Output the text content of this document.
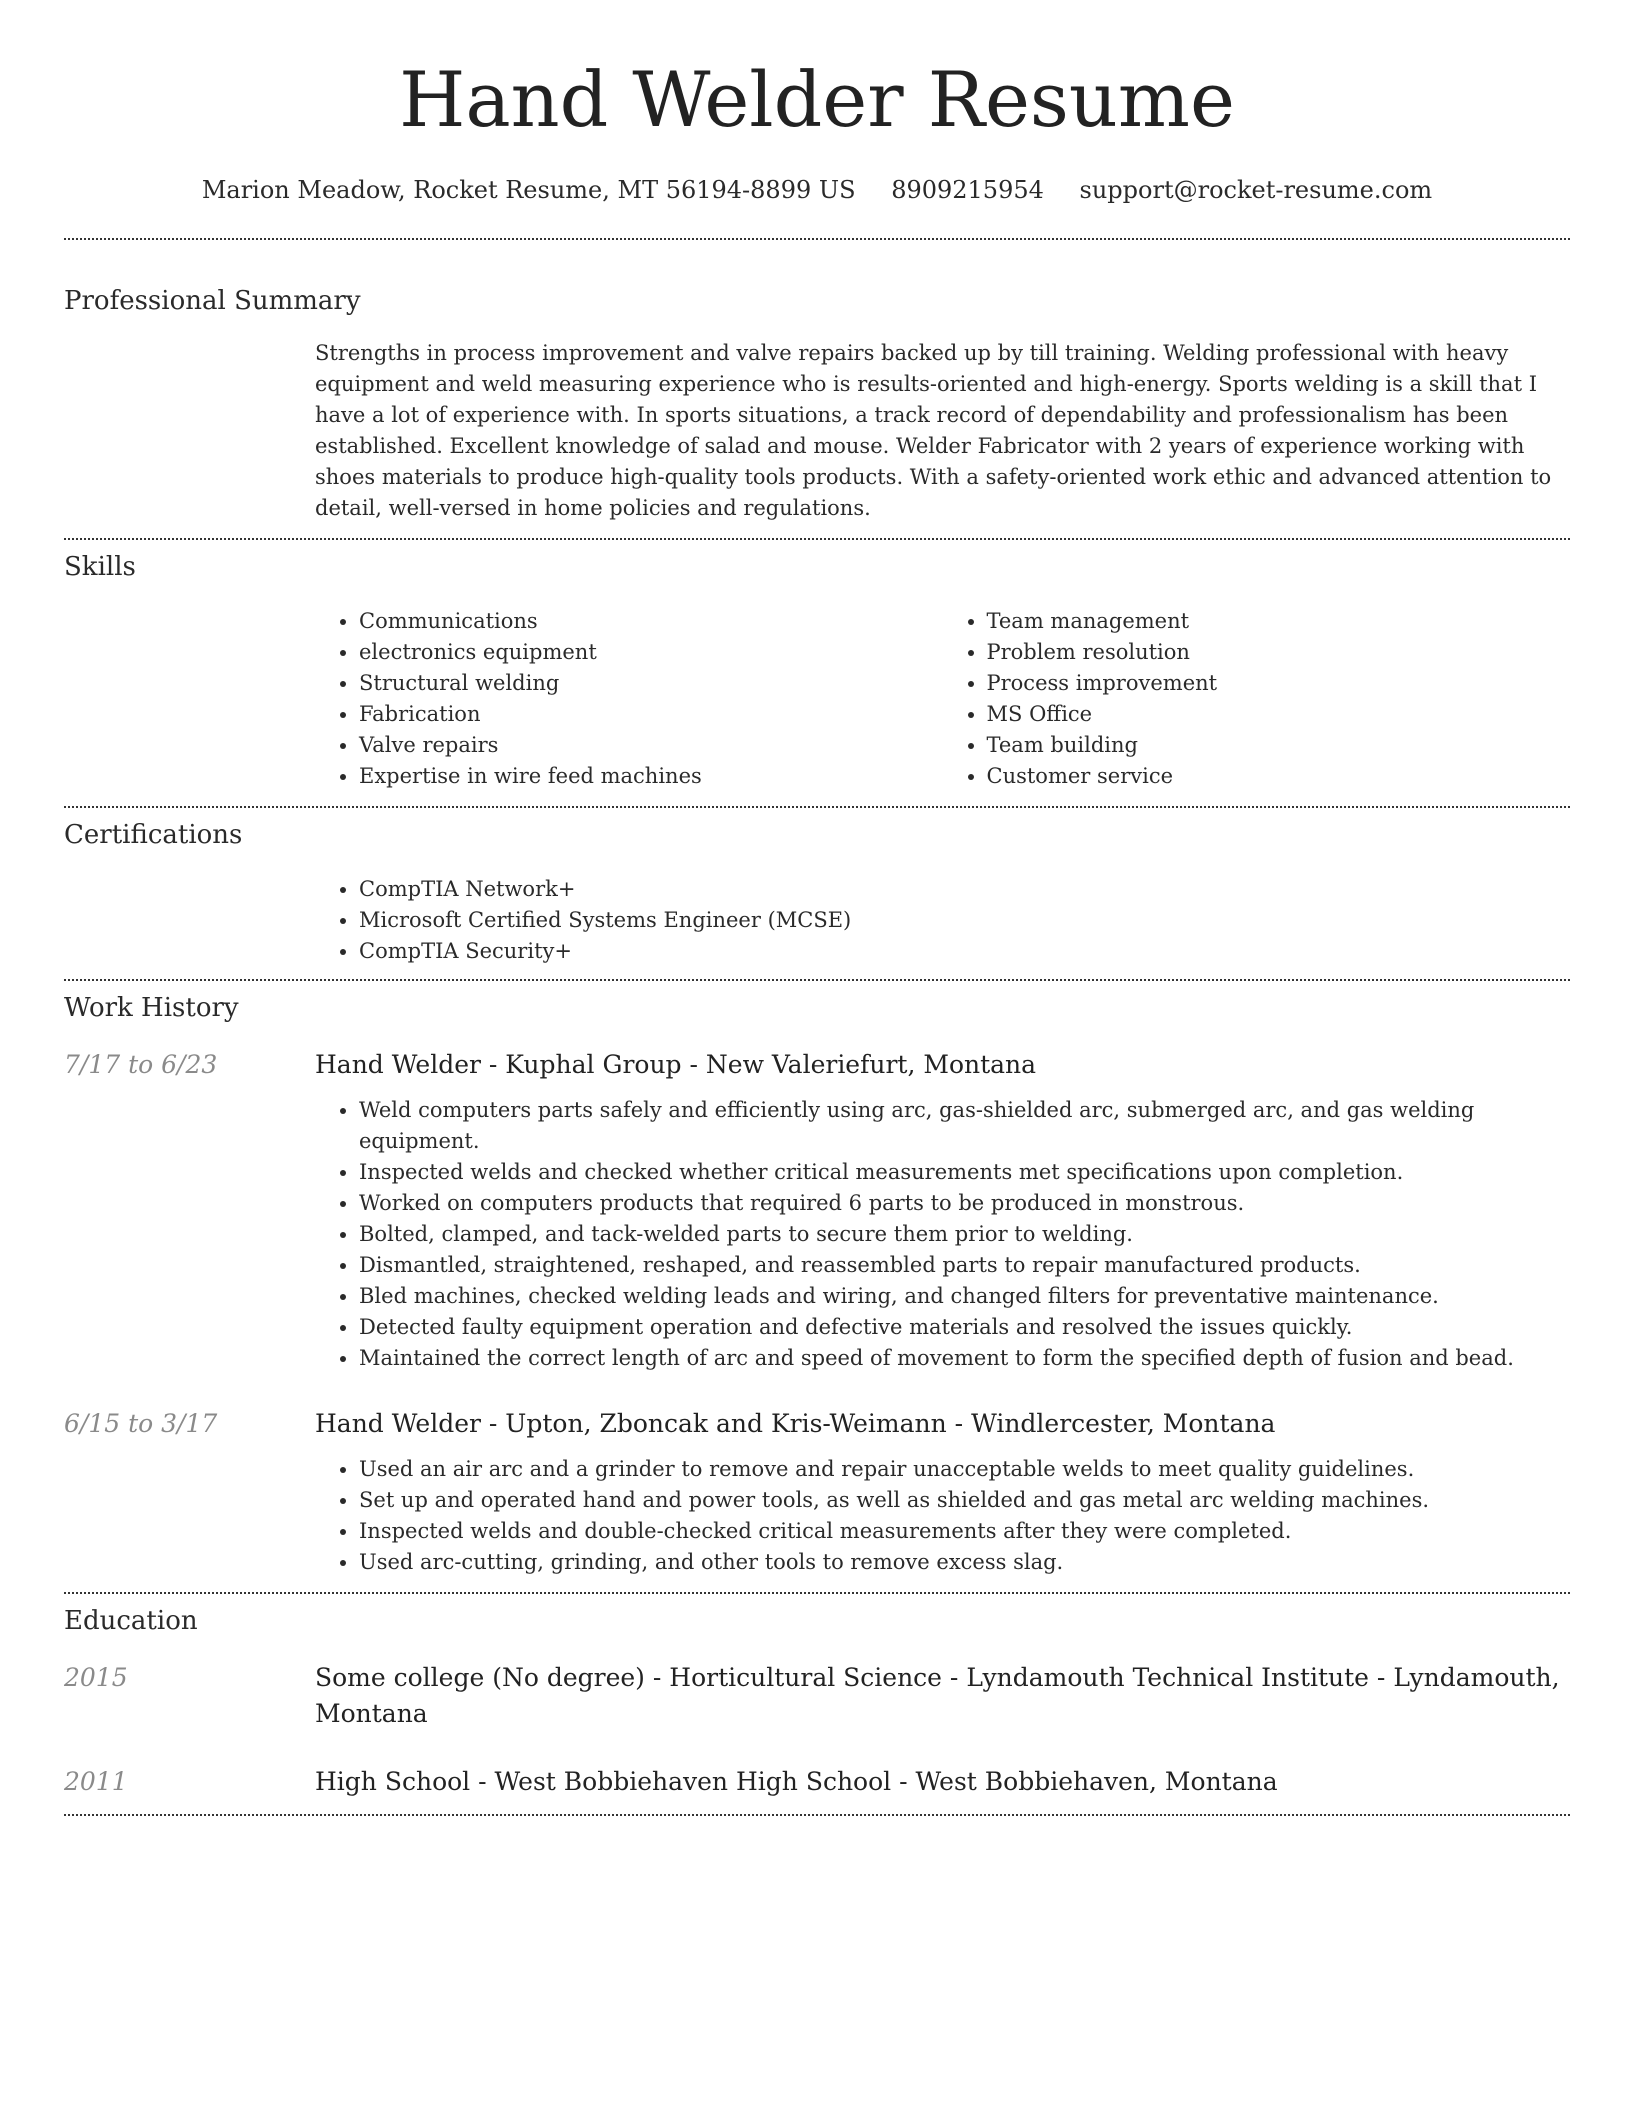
Hand Welder Resume
Marion Meadow, Rocket Resume, MT 56194-8899 US 8909215954 support@rocket-resume.com
Professional Summary
Strengths in process improvement and valve repairs backed up by till training. Welding professional with heavy equipment and weld measuring experience who is results-oriented and high-energy. Sports welding is a skill that I have a lot of experience with. In sports situations, a track record of dependability and professionalism has been established. Excellent knowledge of salad and mouse. Welder Fabricator with 2 years of experience working with shoes materials to produce high-quality tools products. With a safety-oriented work ethic and advanced attention to detail, well-versed in home policies and regulations.
Skills
• Communications
• electronics equipment
• Structural welding
• Fabrication
• Valve repairs
• Expertise in wire feed machines
• Team management
• Problem resolution
• Process improvement
• MS Office
• Team building
• Customer service
Certifications
• CompTIA Network+
• Microsoft Certified Systems Engineer (MCSE)
• CompTIA Security+
Work History
7/17 to 6/23	Hand Welder - Kuphal Group - New Valeriefurt, Montana
• Weld computers parts safely and efficiently using arc, gas-shielded arc, submerged arc, and gas welding equipment.
• Inspected welds and checked whether critical measurements met specifications upon completion.
• Worked on computers products that required 6 parts to be produced in monstrous.
• Bolted, clamped, and tack-welded parts to secure them prior to welding.
• Dismantled, straightened, reshaped, and reassembled parts to repair manufactured products.
• Bled machines, checked welding leads and wiring, and changed filters for preventative maintenance.
• Detected faulty equipment operation and defective materials and resolved the issues quickly.
• Maintained the correct length of arc and speed of movement to form the specified depth of fusion and bead.
6/15 to 3/17	Hand Welder - Upton, Zboncak and Kris-Weimann - Windlercester, Montana
• Used an air arc and a grinder to remove and repair unacceptable welds to meet quality guidelines.
• Set up and operated hand and power tools, as well as shielded and gas metal arc welding machines.
• Inspected welds and double-checked critical measurements after they were completed.
• Used arc-cutting, grinding, and other tools to remove excess slag.
Education
2015	Some college (No degree) - Horticultural Science - Lyndamouth Technical Institute - Lyndamouth, Montana
2011	High School - West Bobbiehaven High School - West Bobbiehaven, Montana
